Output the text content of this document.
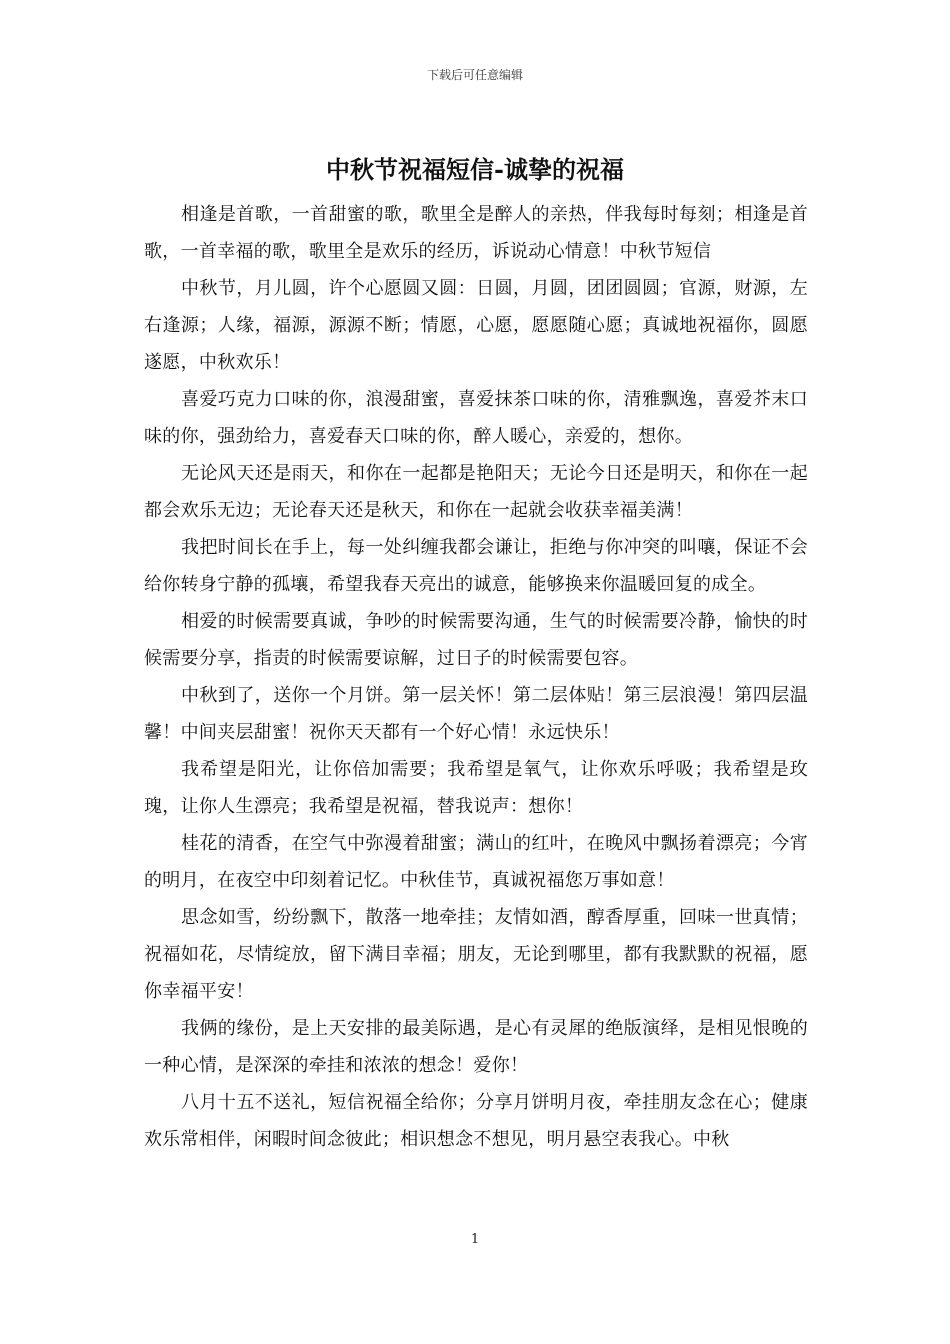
下载后可任意编辑
中秋节祝福短信-诚挚的祝福

相逢是首歌，一首甜蜜的歌，歌里全是醉人的亲热，伴我每时每刻；相逢是首歌，一首幸福的歌，歌里全是欢乐的经历，诉说动心情意！中秋节短信

中秋节，月儿圆，许个心愿圆又圆：日圆，月圆，团团圆圆；官源，财源，左右逢源；人缘，福源，源源不断；情愿，心愿，愿愿随心愿；真诚地祝福你，圆愿遂愿，中秋欢乐！

喜爱巧克力口味的你，浪漫甜蜜，喜爱抹茶口味的你，清雅飘逸，喜爱芥末口味的你，强劲给力，喜爱春天口味的你，醉人暖心，亲爱的，想你。

无论风天还是雨天，和你在一起都是艳阳天；无论今日还是明天，和你在一起都会欢乐无边；无论春天还是秋天，和你在一起就会收获幸福美满！

我把时间长在手上，每一处纠缠我都会谦让，拒绝与你冲突的叫嚷，保证不会给你转身宁静的孤壤，希望我春天亮出的诚意，能够换来你温暖回复的成全。

相爱的时候需要真诚，争吵的时候需要沟通，生气的时候需要冷静，愉快的时候需要分享，指责的时候需要谅解，过日子的时候需要包容。

中秋到了，送你一个月饼。第一层关怀！第二层体贴！第三层浪漫！第四层温馨！中间夹层甜蜜！祝你天天都有一个好心情！永远快乐！

我希望是阳光，让你倍加需要；我希望是氧气，让你欢乐呼吸；我希望是玫瑰，让你人生漂亮；我希望是祝福，替我说声：想你！

桂花的清香，在空气中弥漫着甜蜜；满山的红叶，在晚风中飘扬着漂亮；今宵的明月，在夜空中印刻着记忆。中秋佳节，真诚祝福您万事如意！

思念如雪，纷纷飘下，散落一地牵挂；友情如酒，醇香厚重，回味一世真情；祝福如花，尽情绽放，留下满目幸福；朋友，无论到哪里，都有我默默的祝福，愿你幸福平安！

我俩的缘份，是上天安排的最美际遇，是心有灵犀的绝版演绎，是相见恨晚的一种心情，是深深的牵挂和浓浓的想念！爱你！

八月十五不送礼，短信祝福全给你；分享月饼明月夜，牵挂朋友念在心；健康欢乐常相伴，闲暇时间念彼此；相识想念不想见，明月悬空表我心。中秋

1
